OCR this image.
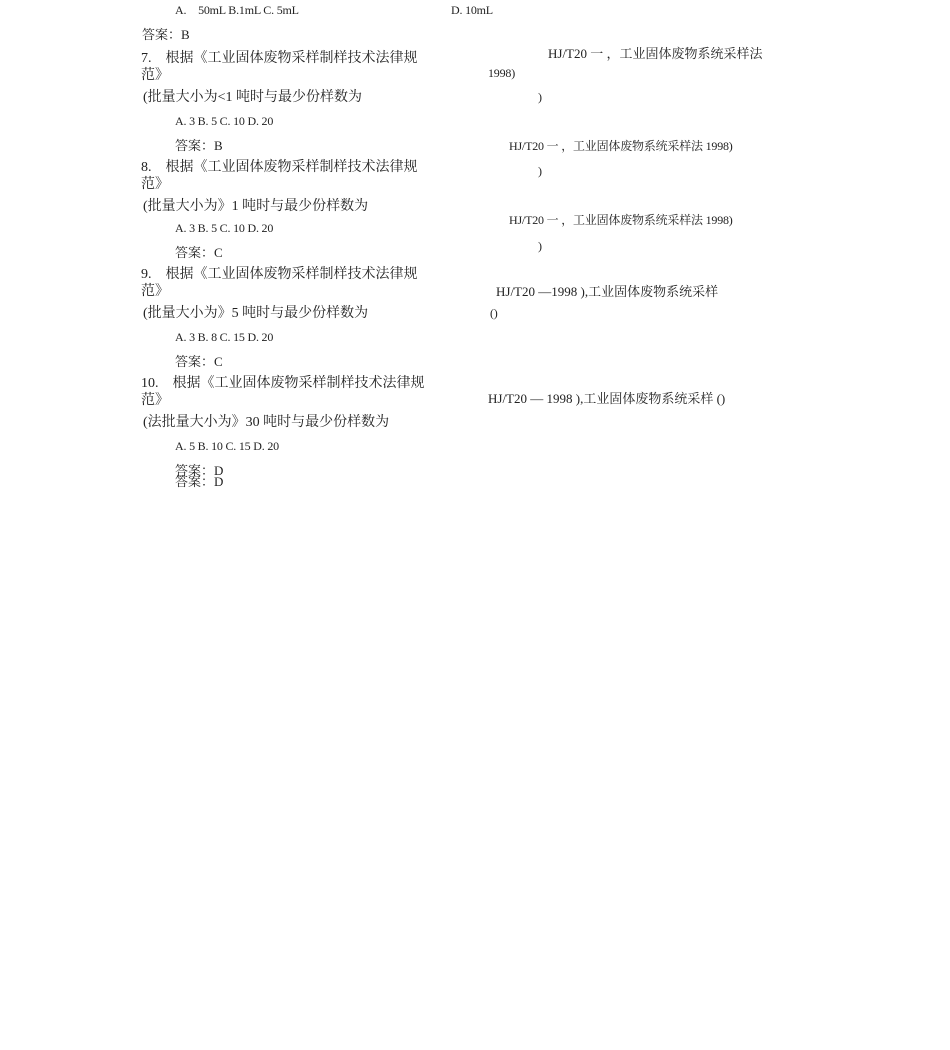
A.　50mL B.1mL C. 5mL	D. 10mL
答案：B
7.　根据《工业固体废物采样制样技术法律规
范》
HJ/T20 一 ，工业固体废物系统采样法
1998)
(批量大小为<1 吨时与最少份样数为	)
A. 3 B. 5 C. 10 D. 20
答案：B	HJ/T20 一 ，工业固体废物系统采样法 1998)
8.　根据《工业固体废物采样制样技术法律规	)
范》
(批量大小为》1 吨时与最少份样数为
HJ/T20 一 ，工业固体废物系统采样法 1998)
A. 3 B. 5 C. 10 D. 20
)
答案：C
9.　根据《工业固体废物采样制样技术法律规
HJ/T20 —1998 ),工业固体废物系统采样
范》
(批量大小为》5 吨时与最少份样数为	()
A. 3 B. 8 C. 15 D. 20
答案：C
10.　根据《工业固体废物采样制样技术法律规
HJ/T20 — 1998 ),工业固体废物系统采样 ()
范》
(法批量大小为》30 吨时与最少份样数为
A. 5 B. 10 C. 15 D. 20
答案：D
答案：D
